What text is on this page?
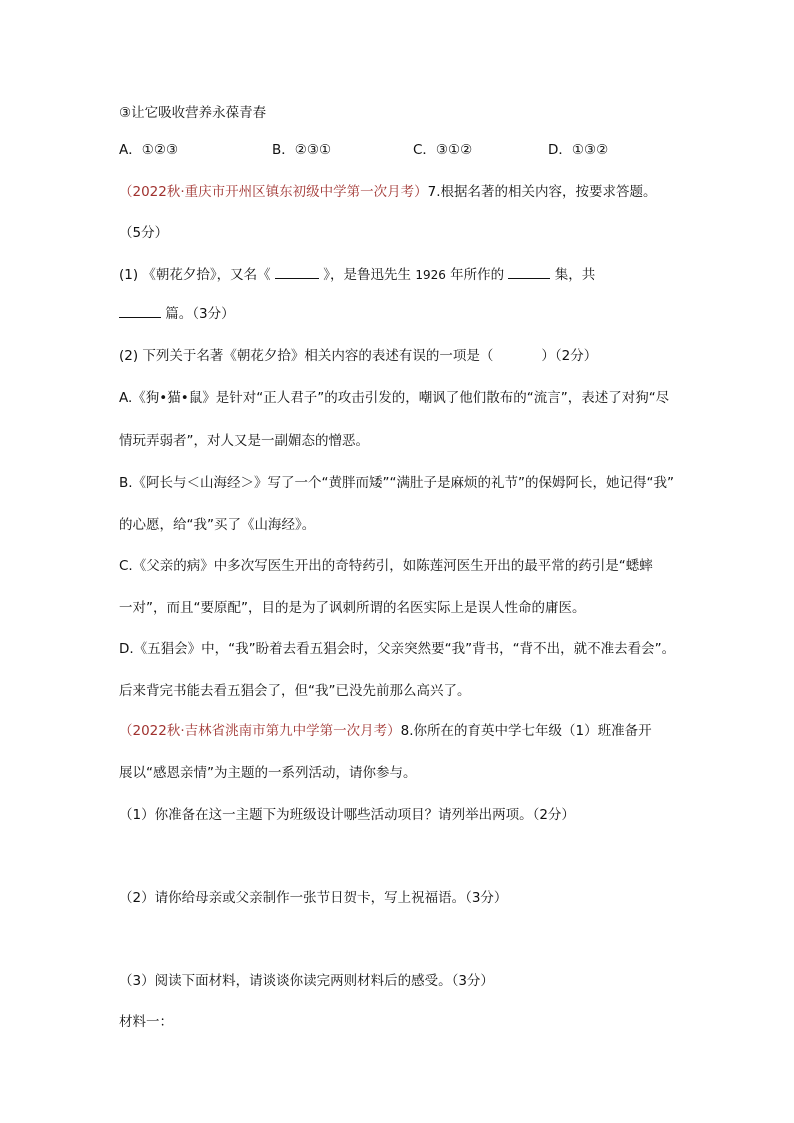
③让它吸收营养永葆青春
A．①②③	B．②③①	C．③①②	D．①③②
（2022秋·重庆市开州区镇东初级中学第一次月考）7.根据名著的相关内容，按要求答题。
（5分）
(1) 《朝花夕拾》，又名《	》，是鲁迅先生 1926 年所作的	集，共
篇。（3分）
(2) 下列关于名著《朝花夕拾》相关内容的表述有误的一项是（	）（2分）
A.《狗•猫•鼠》是针对“正人君子”的攻击引发的，嘲讽了他们散布的“流言”，表述了对狗“尽
情玩弄弱者”，对人又是一副媚态的憎恶。
B.《阿长与＜山海经＞》写了一个“黄胖而矮”“满肚子是麻烦的礼节”的保姆阿长，她记得“我”
的心愿，给“我”买了《山海经》。
C.《父亲的病》中多次写医生开出的奇特药引，如陈莲河医生开出的最平常的药引是“蟋蟀
一对”，而且“要原配”，目的是为了讽刺所谓的名医实际上是误人性命的庸医。
D.《五猖会》中，“我”盼着去看五猖会时，父亲突然要“我”背书，“背不出，就不准去看会”。
后来背完书能去看五猖会了，但“我”已没先前那么高兴了。
（2022秋·吉林省洮南市第九中学第一次月考）8.你所在的育英中学七年级（1）班准备开
展以“感恩亲情”为主题的一系列活动，请你参与。
（1）你准备在这一主题下为班级设计哪些活动项目？请列举出两项。（2分）
（2）请你给母亲或父亲制作一张节日贺卡，写上祝福语。（3分）
（3）阅读下面材料，请谈谈你读完两则材料后的感受。（3分）
材料一：
